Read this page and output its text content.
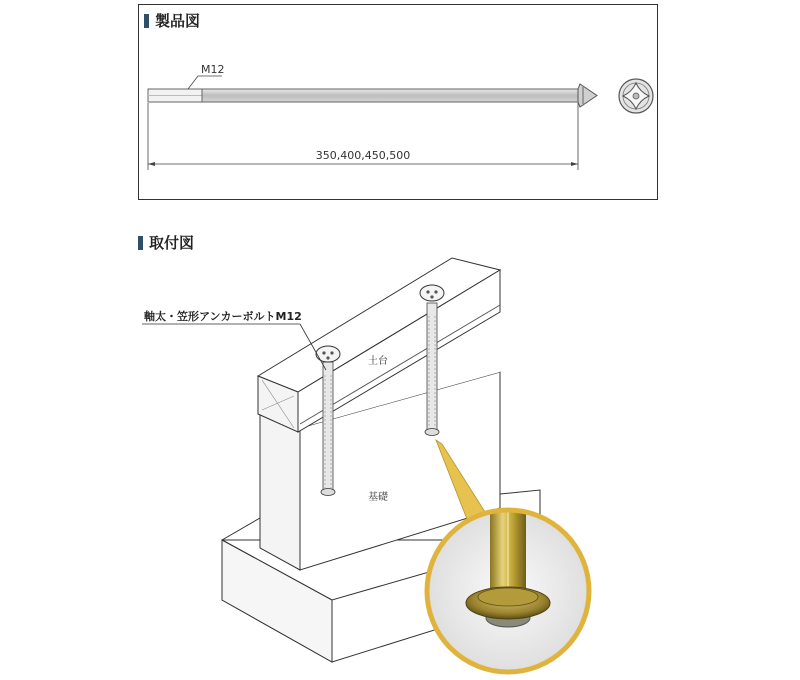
製品図
取付図
M12
350,400,450,500
軸太・笠形アンカーボルトM12
土台
基礎
